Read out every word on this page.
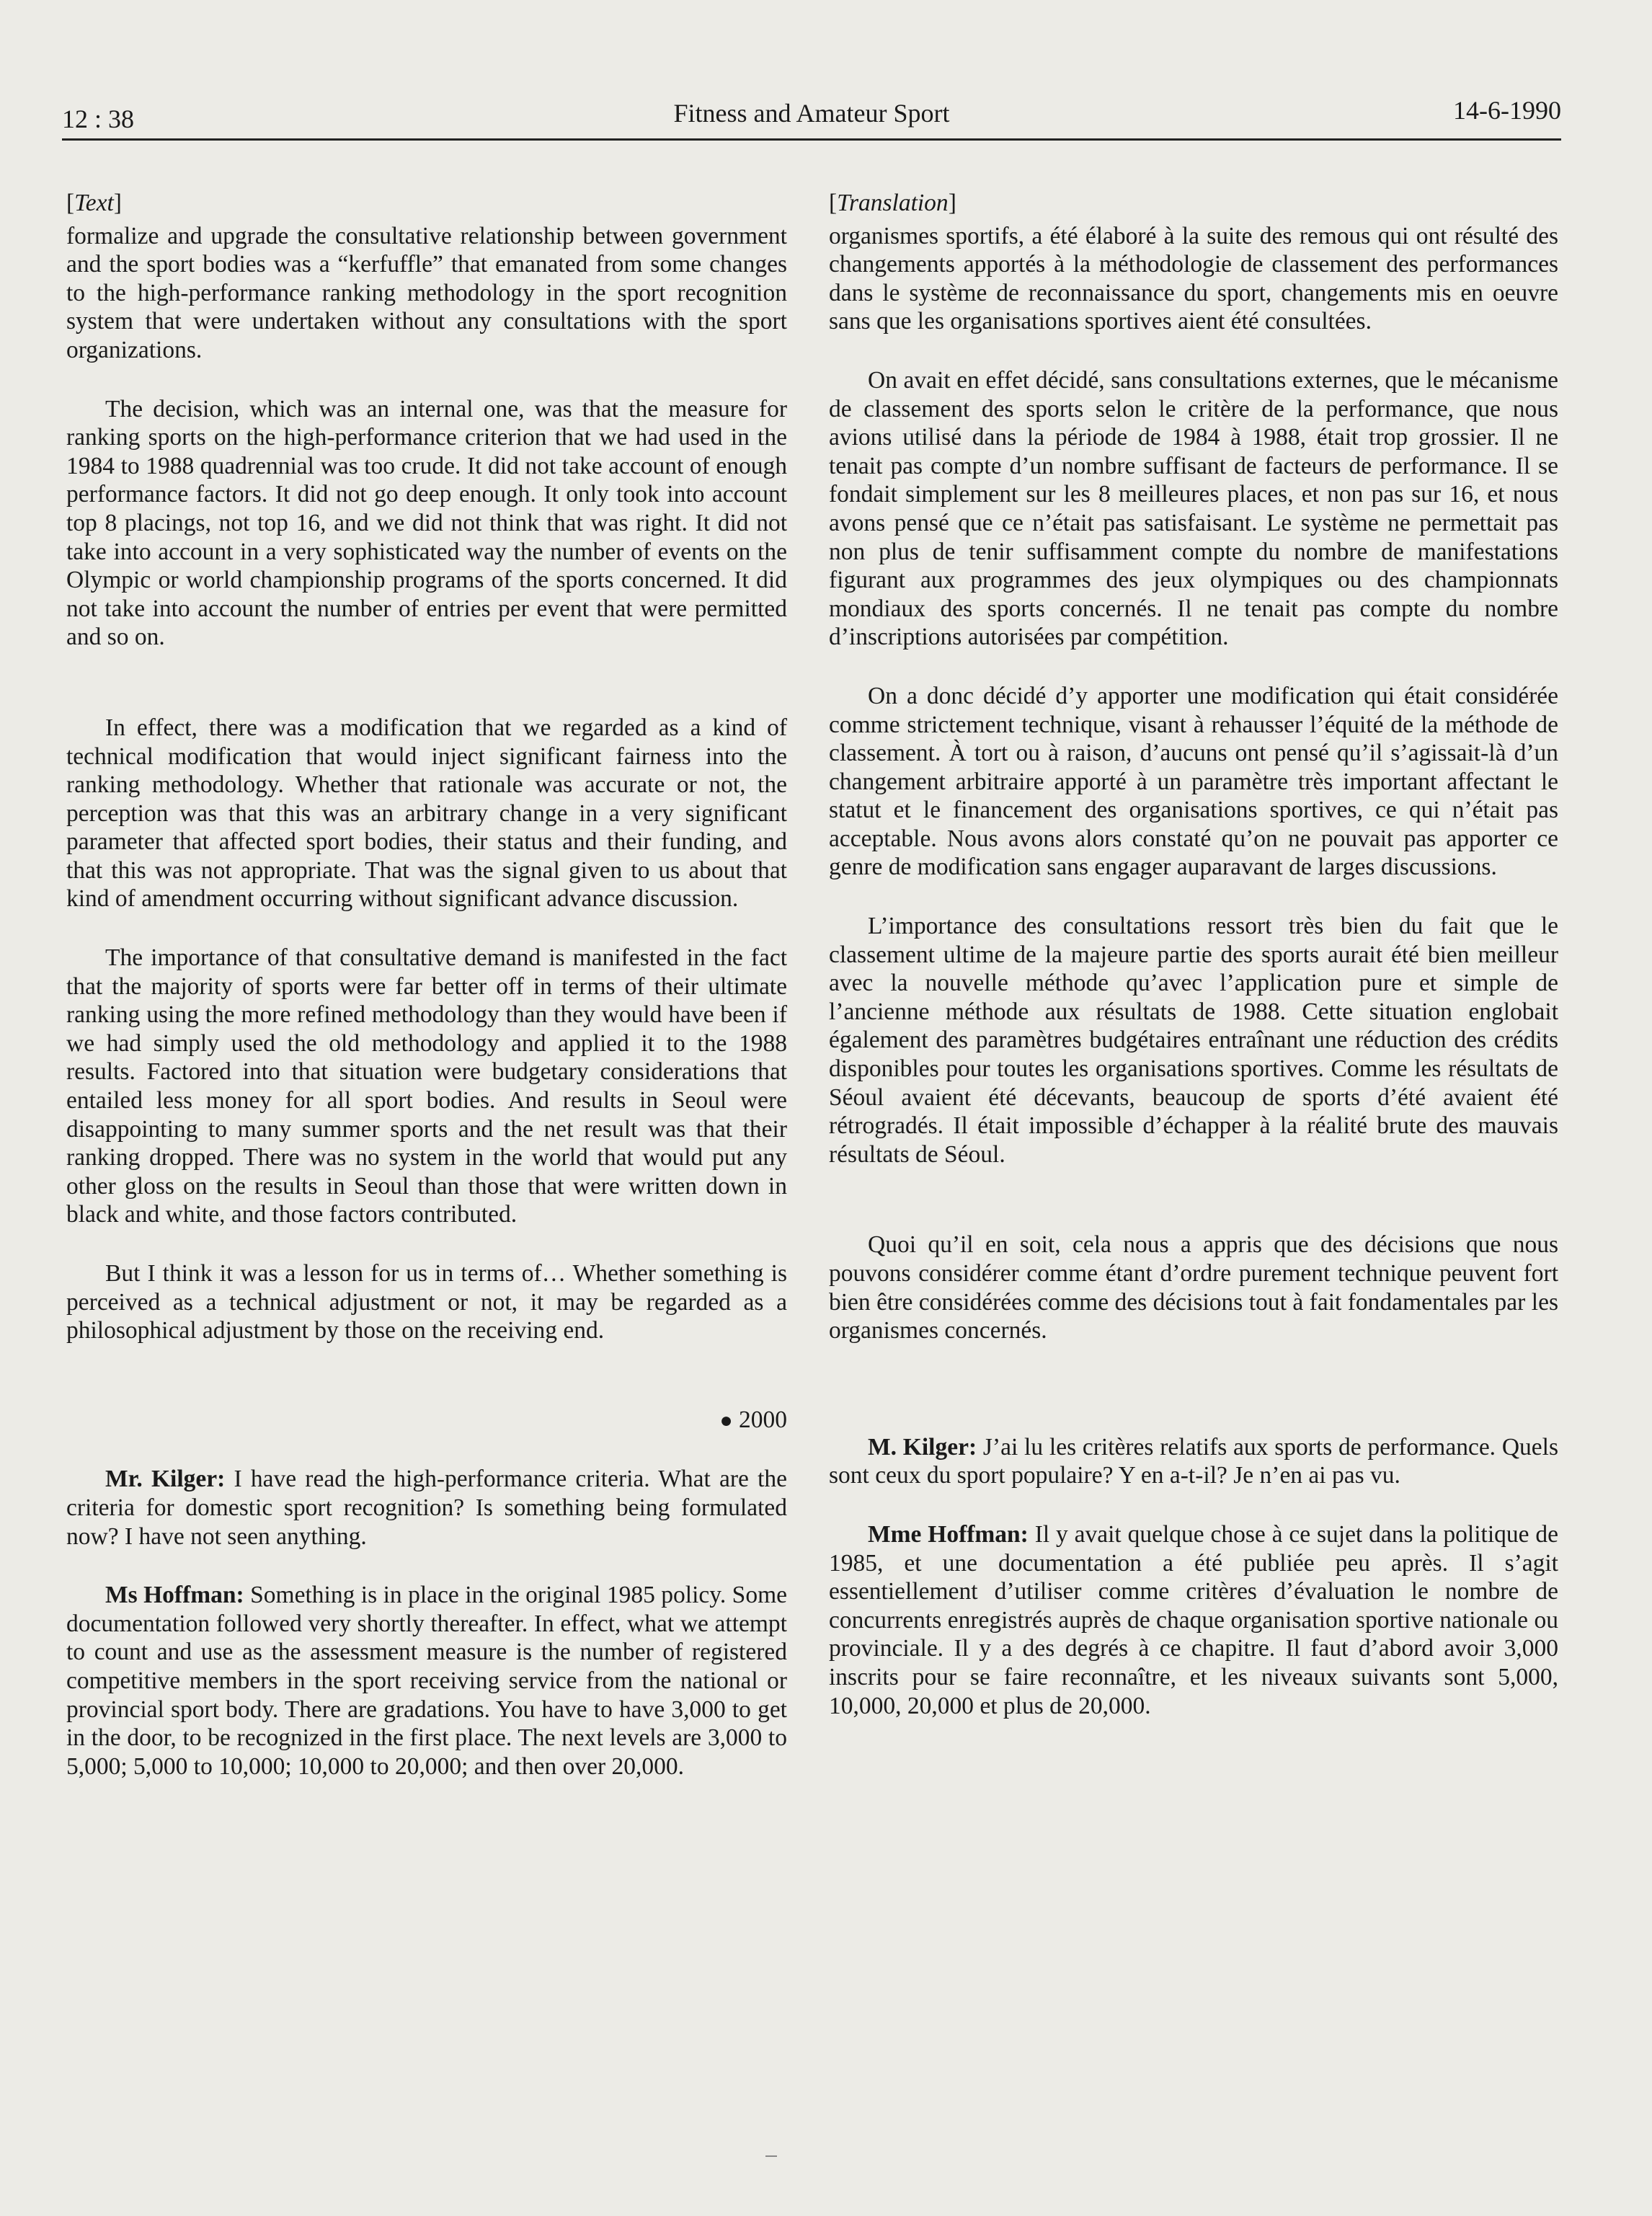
12 : 38	Fitness and Amateur Sport	14-6-1990
[Text]

formalize and upgrade the consultative relationship between government and the sport bodies was a “kerfuffle” that emanated from some changes to the high-performance ranking methodology in the sport recognition system that were undertaken without any consultations with the sport organizations.

The decision, which was an internal one, was that the measure for ranking sports on the high-performance criterion that we had used in the 1984 to 1988 quadrennial was too crude. It did not take account of enough performance factors. It did not go deep enough. It only took into account top 8 placings, not top 16, and we did not think that was right. It did not take into account in a very sophisticated way the number of events on the Olympic or world championship programs of the sports concerned. It did not take into account the number of entries per event that were permitted and so on.

In effect, there was a modification that we regarded as a kind of technical modification that would inject significant fairness into the ranking methodology. Whether that rationale was accurate or not, the perception was that this was an arbitrary change in a very significant parameter that affected sport bodies, their status and their funding, and that this was not appropriate. That was the signal given to us about that kind of amendment occurring without significant advance discussion.

The importance of that consultative demand is manifested in the fact that the majority of sports were far better off in terms of their ultimate ranking using the more refined methodology than they would have been if we had simply used the old methodology and applied it to the 1988 results. Factored into that situation were budgetary considerations that entailed less money for all sport bodies. And results in Seoul were disappointing to many summer sports and the net result was that their ranking dropped. There was no system in the world that would put any other gloss on the results in Seoul than those that were written down in black and white, and those factors contributed.

But I think it was a lesson for us in terms of… Whether something is perceived as a technical adjustment or not, it may be regarded as a philosophical adjustment by those on the receiving end.

● 2000

Mr. Kilger: I have read the high-performance criteria. What are the criteria for domestic sport recognition? Is something being formulated now? I have not seen anything.

Ms Hoffman: Something is in place in the original 1985 policy. Some documentation followed very shortly thereafter. In effect, what we attempt to count and use as the assessment measure is the number of registered competitive members in the sport receiving service from the national or provincial sport body. There are gradations. You have to have 3,000 to get in the door, to be recognized in the first place. The next levels are 3,000 to 5,000; 5,000 to 10,000; 10,000 to 20,000; and then over 20,000.

[Translation]

organismes sportifs, a été élaboré à la suite des remous qui ont résulté des changements apportés à la méthodologie de classement des performances dans le système de reconnaissance du sport, changements mis en oeuvre sans que les organisations sportives aient été consultées.

On avait en effet décidé, sans consultations externes, que le mécanisme de classement des sports selon le critère de la performance, que nous avions utilisé dans la période de 1984 à 1988, était trop grossier. Il ne tenait pas compte d’un nombre suffisant de facteurs de performance. Il se fondait simplement sur les 8 meilleures places, et non pas sur 16, et nous avons pensé que ce n’était pas satisfaisant. Le système ne permettait pas non plus de tenir suffisamment compte du nombre de manifestations figurant aux programmes des jeux olympiques ou des championnats mondiaux des sports concernés. Il ne tenait pas compte du nombre d’inscriptions autorisées par compétition.

On a donc décidé d’y apporter une modification qui était considérée comme strictement technique, visant à rehausser l’équité de la méthode de classement. À tort ou à raison, d’aucuns ont pensé qu’il s’agissait-là d’un changement arbitraire apporté à un paramètre très important affectant le statut et le financement des organisations sportives, ce qui n’était pas acceptable. Nous avons alors constaté qu’on ne pouvait pas apporter ce genre de modification sans engager auparavant de larges discussions.

L’importance des consultations ressort très bien du fait que le classement ultime de la majeure partie des sports aurait été bien meilleur avec la nouvelle méthode qu’avec l’application pure et simple de l’ancienne méthode aux résultats de 1988. Cette situation englobait également des paramètres budgétaires entraînant une réduction des crédits disponibles pour toutes les organisations sportives. Comme les résultats de Séoul avaient été décevants, beaucoup de sports d’été avaient été rétrogradés. Il était impossible d’échapper à la réalité brute des mauvais résultats de Séoul.

Quoi qu’il en soit, cela nous a appris que des décisions que nous pouvons considérer comme étant d’ordre purement technique peuvent fort bien être considérées comme des décisions tout à fait fondamentales par les organismes concernés.

M. Kilger: J’ai lu les critères relatifs aux sports de performance. Quels sont ceux du sport populaire? Y en a-t-il? Je n’en ai pas vu.

Mme Hoffman: Il y avait quelque chose à ce sujet dans la politique de 1985, et une documentation a été publiée peu après. Il s’agit essentiellement d’utiliser comme critères d’évaluation le nombre de concurrents enregistrés auprès de chaque organisation sportive nationale ou provinciale. Il y a des degrés à ce chapitre. Il faut d’abord avoir 3,000 inscrits pour se faire reconnaître, et les niveaux suivants sont 5,000, 10,000, 20,000 et plus de 20,000.
